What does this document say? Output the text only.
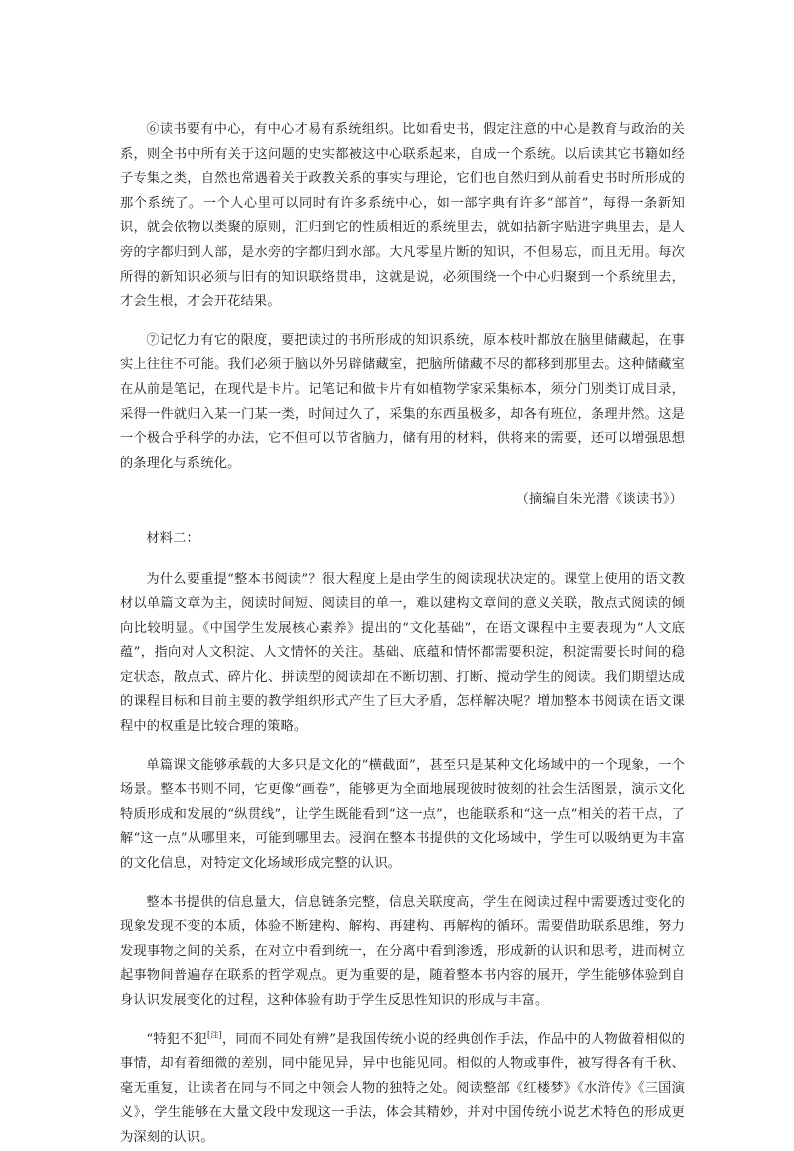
⑥读书要有中心，有中心才易有系统组织。比如看史书，假定注意的中心是教育与政治的关系，则全书中所有关于这问题的史实都被这中心联系起来，自成一个系统。以后读其它书籍如经子专集之类，自然也常遇着关于政教关系的事实与理论，它们也自然归到从前看史书时所形成的那个系统了。一个人心里可以同时有许多系统中心，如一部字典有许多“部首”，每得一条新知识，就会依物以类聚的原则，汇归到它的性质相近的系统里去，就如拈新字贴进字典里去，是人旁的字都归到人部，是水旁的字都归到水部。大凡零星片断的知识，不但易忘，而且无用。每次所得的新知识必须与旧有的知识联络贯串，这就是说，必须围绕一个中心归聚到一个系统里去，才会生根，才会开花结果。

⑦记忆力有它的限度，要把读过的书所形成的知识系统，原本枝叶都放在脑里储藏起，在事实上往往不可能。我们必须于脑以外另辟储藏室，把脑所储藏不尽的都移到那里去。这种储藏室在从前是笔记，在现代是卡片。记笔记和做卡片有如植物学家采集标本，须分门别类订成目录，采得一件就归入某一门某一类，时间过久了，采集的东西虽极多，却各有班位，条理井然。这是一个极合乎科学的办法，它不但可以节省脑力，储有用的材料，供将来的需要，还可以增强思想的条理化与系统化。

（摘编自朱光潜《谈读书》）

材料二：

为什么要重提“整本书阅读”？很大程度上是由学生的阅读现状决定的。课堂上使用的语文教材以单篇文章为主，阅读时间短、阅读目的单一，难以建构文章间的意义关联，散点式阅读的倾向比较明显。《中国学生发展核心素养》提出的“文化基础”，在语文课程中主要表现为“人文底蕴”，指向对人文积淀、人文情怀的关注。基础、底蕴和情怀都需要积淀，积淀需要长时间的稳定状态，散点式、碎片化、拼读型的阅读却在不断切割、打断、搅动学生的阅读。我们期望达成的课程目标和目前主要的教学组织形式产生了巨大矛盾，怎样解决呢？增加整本书阅读在语文课程中的权重是比较合理的策略。

单篇课文能够承载的大多只是文化的“横截面”，甚至只是某种文化场域中的一个现象，一个场景。整本书则不同，它更像“画卷”，能够更为全面地展现彼时彼刻的社会生活图景，演示文化特质形成和发展的“纵贯线”，让学生既能看到“这一点”，也能联系和“这一点”相关的若干点，了解“这一点”从哪里来，可能到哪里去。浸润在整本书提供的文化场域中，学生可以吸纳更为丰富的文化信息，对特定文化场域形成完整的认识。

整本书提供的信息量大，信息链条完整，信息关联度高，学生在阅读过程中需要透过变化的现象发现不变的本质，体验不断建构、解构、再建构、再解构的循环。需要借助联系思维，努力发现事物之间的关系，在对立中看到统一，在分离中看到渗透，形成新的认识和思考，进而树立起事物间普遍存在联系的哲学观点。更为重要的是，随着整本书内容的展开，学生能够体验到自身认识发展变化的过程，这种体验有助于学生反思性知识的形成与丰富。

“特犯不犯[注]，同而不同处有辨”是我国传统小说的经典创作手法，作品中的人物做着相似的事情，却有着细微的差别，同中能见异，异中也能见同。相似的人物或事件，被写得各有千秋、毫无重复，让读者在同与不同之中领会人物的独特之处。阅读整部《红楼梦》《水浒传》《三国演义》，学生能够在大量文段中发现这一手法，体会其精妙，并对中国传统小说艺术特色的形成更为深刻的认识。
